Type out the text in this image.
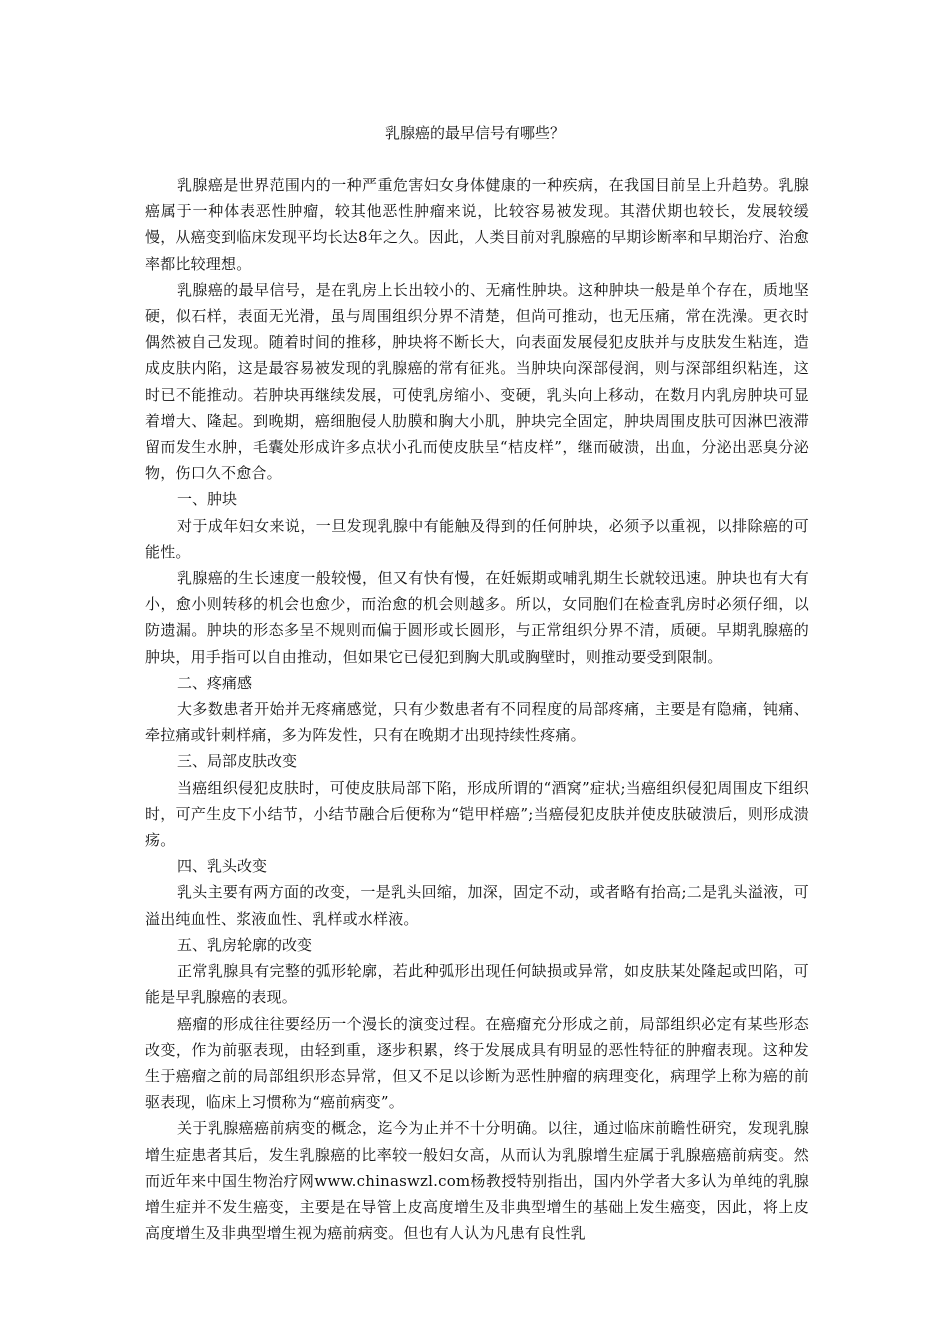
乳腺癌的最早信号有哪些？

乳腺癌是世界范围内的一种严重危害妇女身体健康的一种疾病，在我国目前呈上升趋势。乳腺癌属于一种体表恶性肿瘤，较其他恶性肿瘤来说，比较容易被发现。其潜伏期也较长，发展较缓慢，从癌变到临床发现平均长达8年之久。因此，人类目前对乳腺癌的早期诊断率和早期治疗、治愈率都比较理想。

乳腺癌的最早信号，是在乳房上长出较小的、无痛性肿块。这种肿块一般是单个存在，质地坚硬，似石样，表面无光滑，虽与周围组织分界不清楚，但尚可推动，也无压痛，常在洗澡。更衣时偶然被自己发现。随着时间的推移，肿块将不断长大，向表面发展侵犯皮肤并与皮肤发生粘连，造成皮肤内陷，这是最容易被发现的乳腺癌的常有征兆。当肿块向深部侵润，则与深部组织粘连，这时已不能推动。若肿块再继续发展，可使乳房缩小、变硬，乳头向上移动，在数月内乳房肿块可显着增大、隆起。到晚期，癌细胞侵人肋膜和胸大小肌，肿块完全固定，肿块周围皮肤可因淋巴液滞留而发生水肿，毛囊处形成许多点状小孔而使皮肤呈“桔皮样”，继而破溃，出血，分泌出恶臭分泌物，伤口久不愈合。

一、肿块

对于成年妇女来说，一旦发现乳腺中有能触及得到的任何肿块，必须予以重视，以排除癌的可能性。

乳腺癌的生长速度一般较慢，但又有快有慢，在妊娠期或哺乳期生长就较迅速。肿块也有大有小，愈小则转移的机会也愈少，而治愈的机会则越多。所以，女同胞们在检查乳房时必须仔细，以防遗漏。肿块的形态多呈不规则而偏于圆形或长圆形，与正常组织分界不清，质硬。早期乳腺癌的肿块，用手指可以自由推动，但如果它已侵犯到胸大肌或胸壁时，则推动要受到限制。

二、疼痛感

大多数患者开始并无疼痛感觉，只有少数患者有不同程度的局部疼痛，主要是有隐痛，钝痛、牵拉痛或针刺样痛，多为阵发性，只有在晚期才出现持续性疼痛。

三、局部皮肤改变

当癌组织侵犯皮肤时，可使皮肤局部下陷，形成所谓的“酒窝”症状;当癌组织侵犯周围皮下组织时，可产生皮下小结节，小结节融合后便称为“铠甲样癌”;当癌侵犯皮肤并使皮肤破溃后，则形成溃疡。

四、乳头改变

乳头主要有两方面的改变，一是乳头回缩，加深，固定不动，或者略有抬高;二是乳头溢液，可溢出纯血性、浆液血性、乳样或水样液。

五、乳房轮廓的改变

正常乳腺具有完整的弧形轮廓，若此种弧形出现任何缺损或异常，如皮肤某处隆起或凹陷，可能是早乳腺癌的表现。

癌瘤的形成往往要经历一个漫长的演变过程。在癌瘤充分形成之前，局部组织必定有某些形态改变，作为前驱表现，由轻到重，逐步积累，终于发展成具有明显的恶性特征的肿瘤表现。这种发生于癌瘤之前的局部组织形态异常，但又不足以诊断为恶性肿瘤的病理变化，病理学上称为癌的前驱表现，临床上习惯称为“癌前病变”。

关于乳腺癌癌前病变的概念，迄今为止并不十分明确。以往，通过临床前瞻性研究，发现乳腺增生症患者其后，发生乳腺癌的比率较一般妇女高，从而认为乳腺增生症属于乳腺癌癌前病变。然而近年来中国生物治疗网www.chinaswzl.com杨教授特别指出，国内外学者大多认为单纯的乳腺增生症并不发生癌变，主要是在导管上皮高度增生及非典型增生的基础上发生癌变，因此，将上皮高度增生及非典型增生视为癌前病变。但也有人认为凡患有良性乳
